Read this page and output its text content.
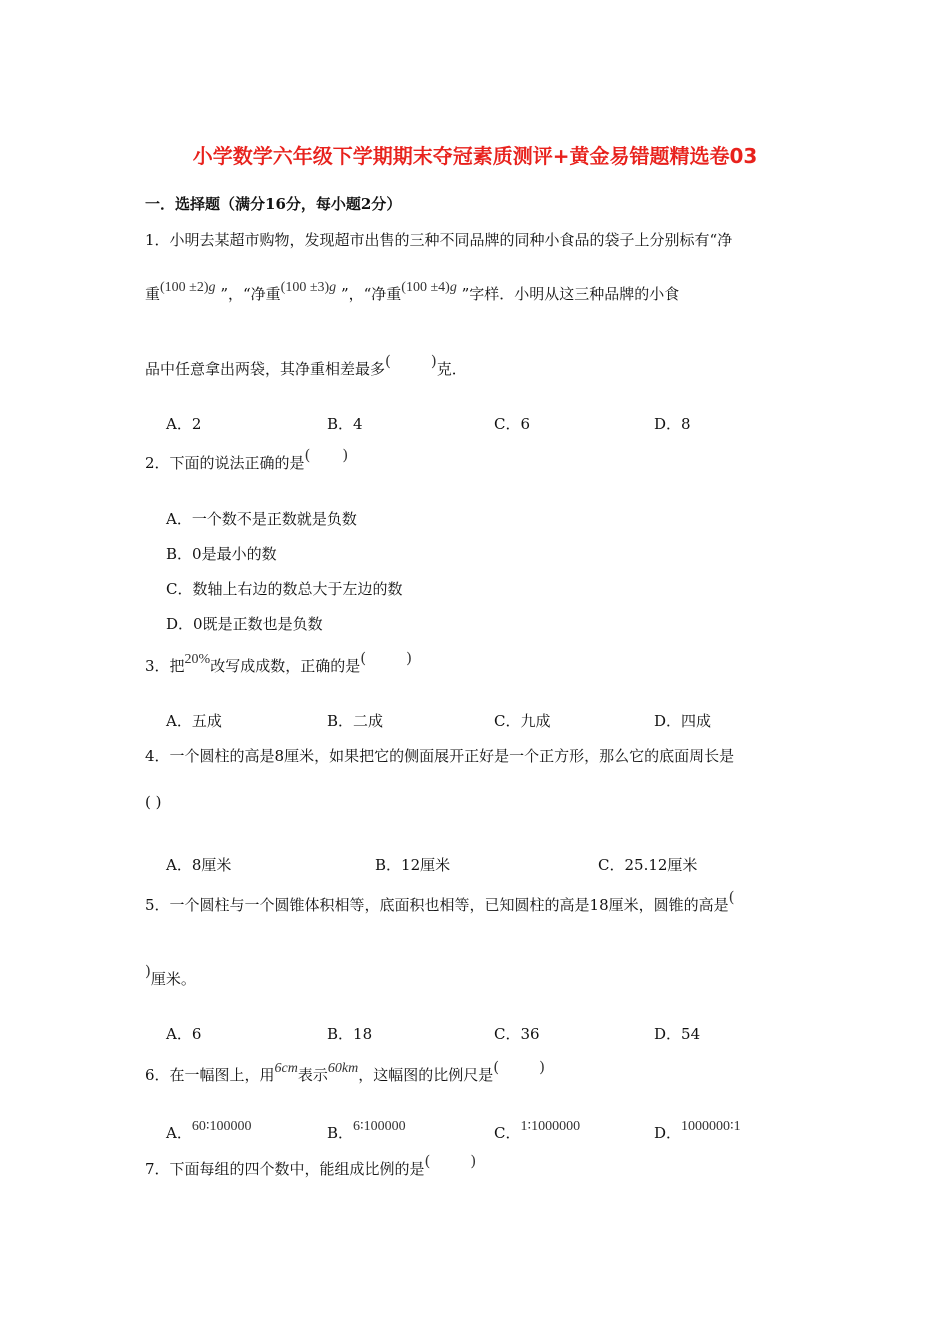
小学数学六年级下学期期末夺冠素质测评+黄金易错题精选卷03
一．选择题（满分16分，每小题2分）
1．小明去某超市购物，发现超市出售的三种不同品牌的同种小食品的袋子上分别标有“净
重(100 ±2)g ”，“净重(100 ±3)g ”，“净重(100 ±4)g ”字样．小明从这三种品牌的小食
品中任意拿出两袋，其净重相差最多(	)克．
A．2	B．4	C．6	D．8
2．下面的说法正确的是( )
A．一个数不是正数就是负数
B．0是最小的数
C．数轴上右边的数总大于左边的数
D．0既是正数也是负数
3．把20%改写成成数，正确的是(	)
A．五成	B．二成	C．九成	D．四成
4．一个圆柱的高是8厘米，如果把它的侧面展开正好是一个正方形，那么它的底面周长是
( )
A．8厘米	B．12厘米	C．25.12厘米
5．一个圆柱与一个圆锥体积相等，底面积也相等，已知圆柱的高是18厘米，圆锥的高是(
)厘米。
A．6	B．18	C．36	D．54
6．在一幅图上，用6cm表示60km，这幅图的比例尺是(	)
A．60∶100000	B．6∶100000	C．1∶1000000	D．1000000∶1
7．下面每组的四个数中，能组成比例的是(	)
